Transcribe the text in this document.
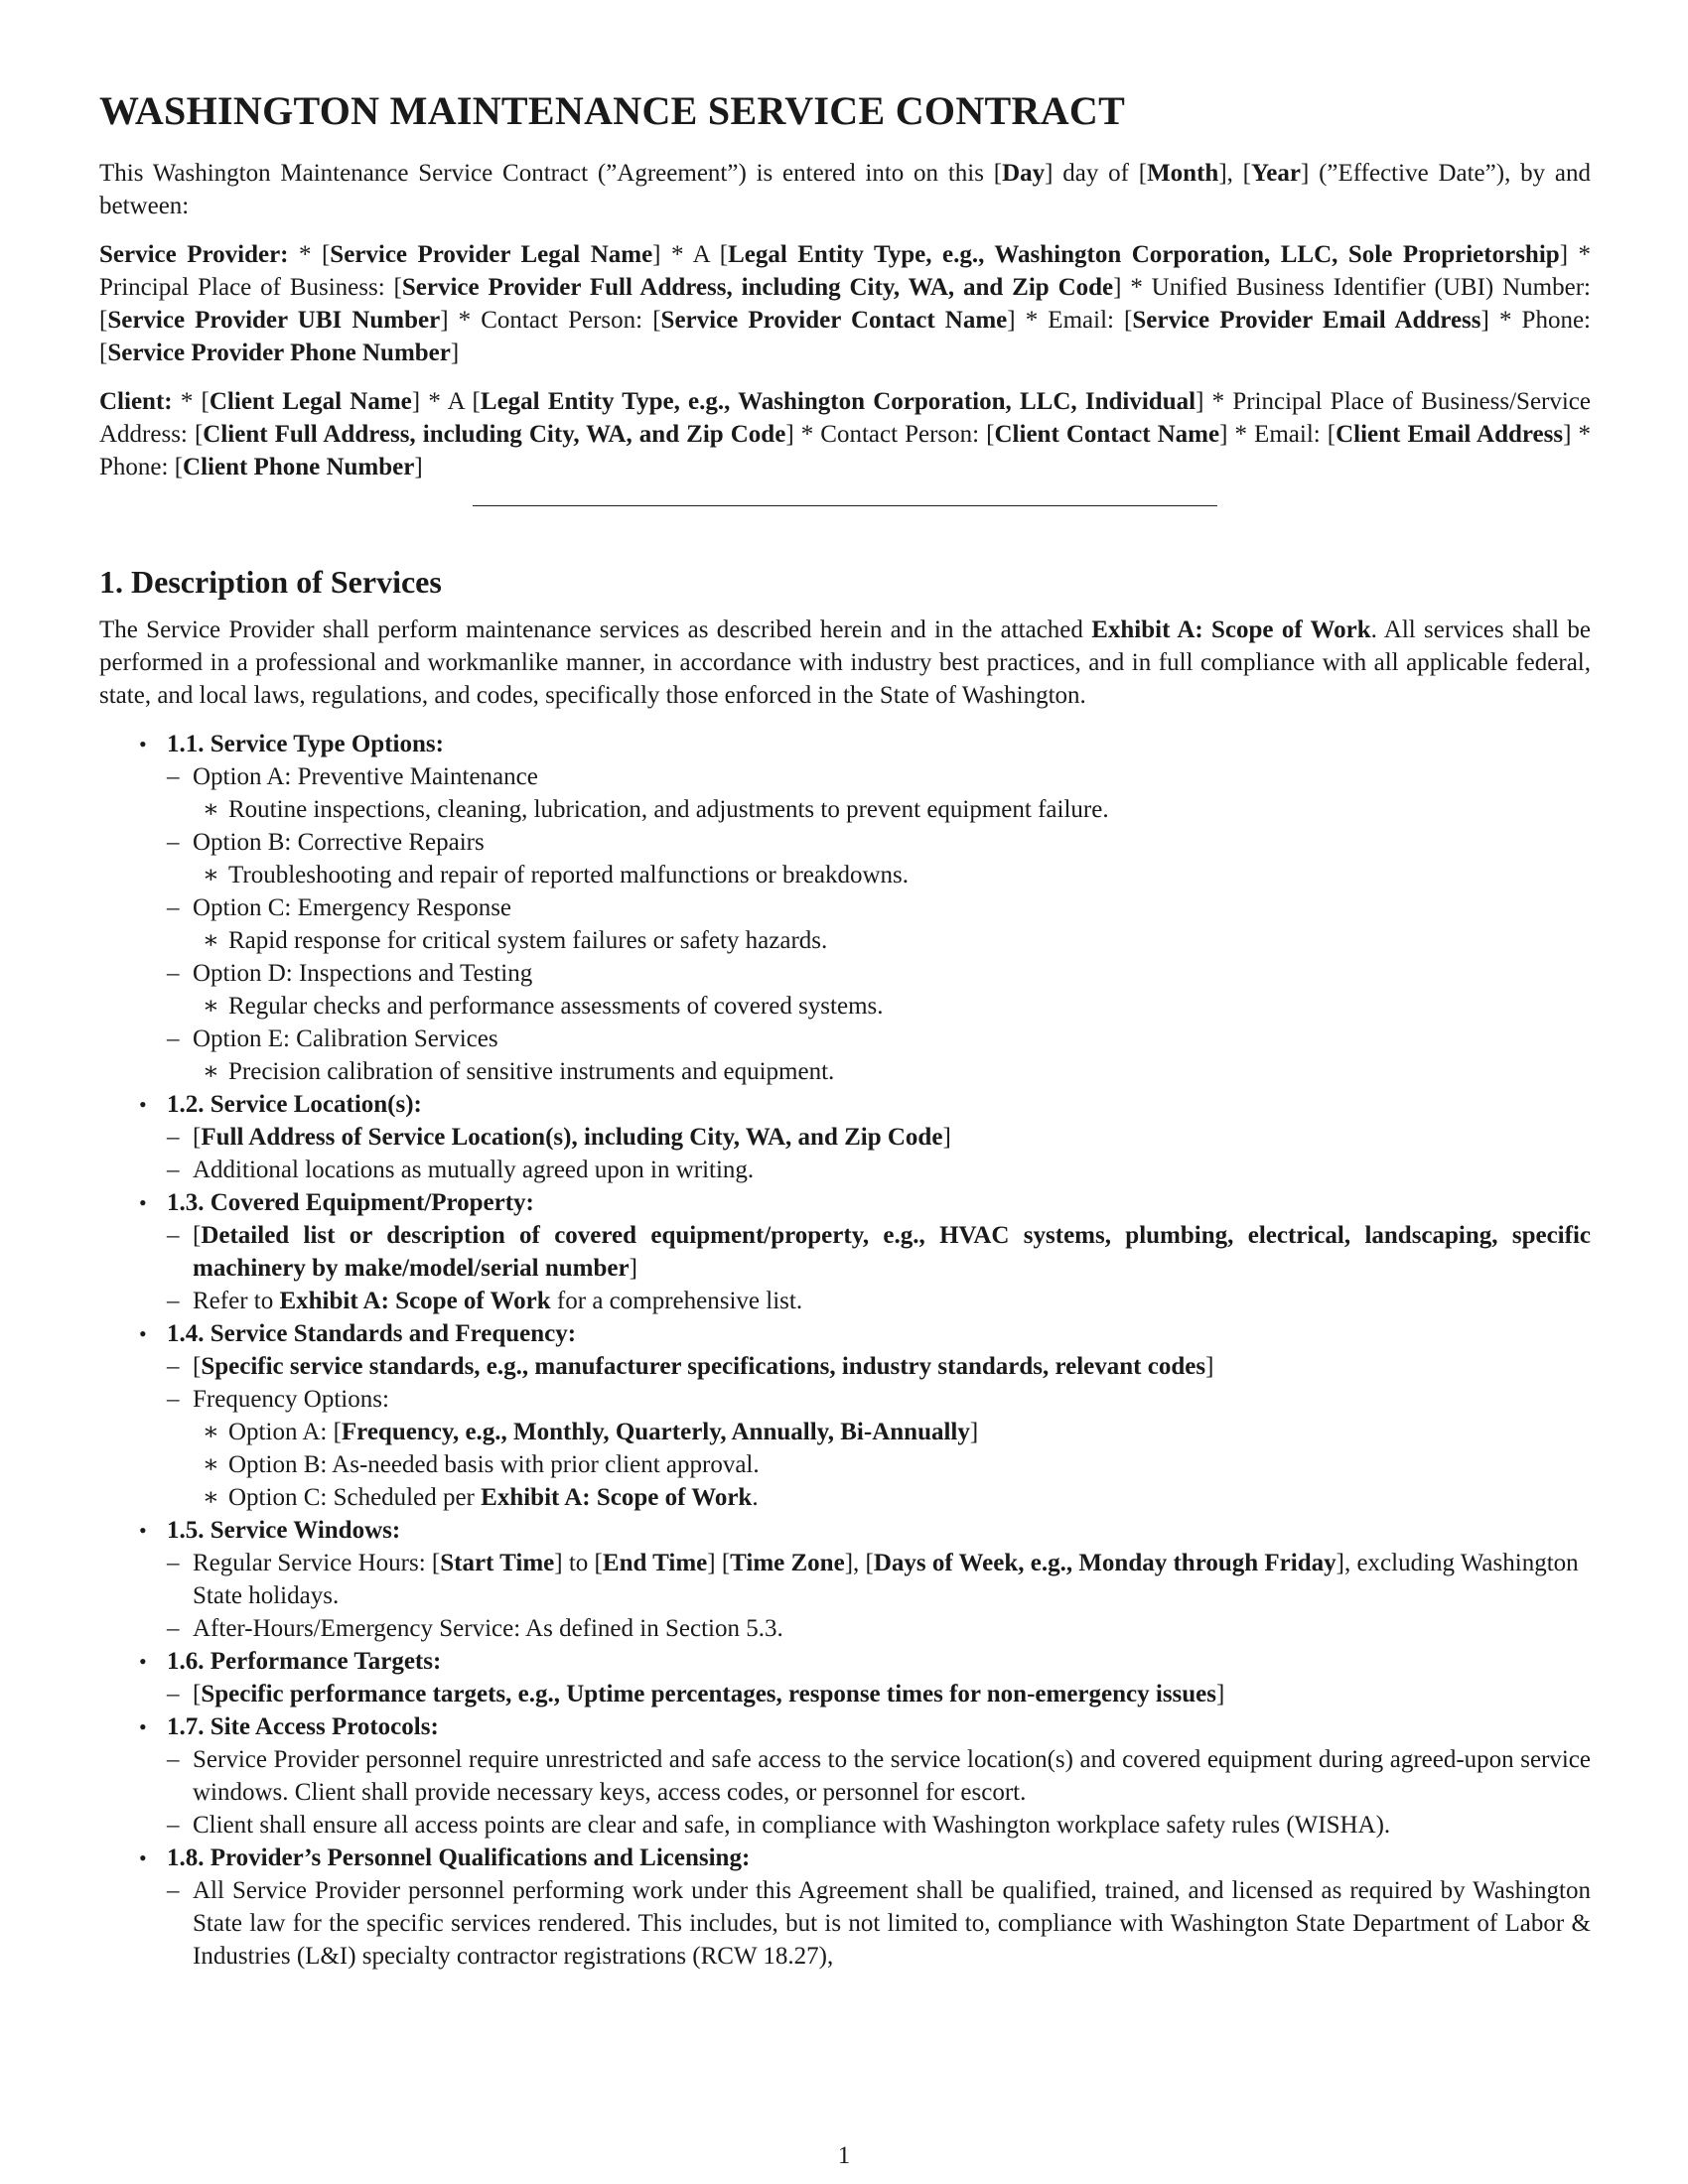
WASHINGTON MAINTENANCE SERVICE CONTRACT

This Washington Maintenance Service Contract (”Agreement”) is entered into on this [Day] day of [Month], [Year] (”Effective Date”), by and between:

Service Provider: * [Service Provider Legal Name] * A [Legal Entity Type, e.g., Washington Corporation, LLC, Sole Proprietorship] * Principal Place of Business: [Service Provider Full Address, including City, WA, and Zip Code] * Unified Business Identifier (UBI) Number: [Service Provider UBI Number] * Contact Person: [Service Provider Contact Name] * Email: [Service Provider Email Address] * Phone: [Service Provider Phone Number]

Client: * [Client Legal Name] * A [Legal Entity Type, e.g., Washington Corporation, LLC, Individual] * Principal Place of Business/Service Address: [Client Full Address, including City, WA, and Zip Code] * Contact Person: [Client Contact Name] * Email: [Client Email Address] * Phone: [Client Phone Number]

1. Description of Services

The Service Provider shall perform maintenance services as described herein and in the attached Exhibit A: Scope of Work. All services shall be performed in a professional and workmanlike manner, in accordance with industry best practices, and in full compliance with all applicable federal, state, and local laws, regulations, and codes, specifically those enforced in the State of Washington.

• 1.1. Service Type Options:
– Option A: Preventive Maintenance
∗ Routine inspections, cleaning, lubrication, and adjustments to prevent equipment failure.
– Option B: Corrective Repairs
∗ Troubleshooting and repair of reported malfunctions or breakdowns.
– Option C: Emergency Response
∗ Rapid response for critical system failures or safety hazards.
– Option D: Inspections and Testing
∗ Regular checks and performance assessments of covered systems.
– Option E: Calibration Services
∗ Precision calibration of sensitive instruments and equipment.
• 1.2. Service Location(s):
– [Full Address of Service Location(s), including City, WA, and Zip Code]
– Additional locations as mutually agreed upon in writing.
• 1.3. Covered Equipment/Property:
– [Detailed list or description of covered equipment/property, e.g., HVAC systems, plumbing, electrical, landscaping, specific machinery by make/model/serial number]
– Refer to Exhibit A: Scope of Work for a comprehensive list.
• 1.4. Service Standards and Frequency:
– [Specific service standards, e.g., manufacturer specifications, industry standards, relevant codes]
– Frequency Options:
∗ Option A: [Frequency, e.g., Monthly, Quarterly, Annually, Bi-Annually]
∗ Option B: As-needed basis with prior client approval.
∗ Option C: Scheduled per Exhibit A: Scope of Work.
• 1.5. Service Windows:
– Regular Service Hours: [Start Time] to [End Time] [Time Zone], [Days of Week, e.g., Monday through Friday], excluding Washington State holidays.
– After-Hours/Emergency Service: As defined in Section 5.3.
• 1.6. Performance Targets:
– [Specific performance targets, e.g., Uptime percentages, response times for non-emergency issues]
• 1.7. Site Access Protocols:
– Service Provider personnel require unrestricted and safe access to the service location(s) and covered equipment during agreed-upon service windows. Client shall provide necessary keys, access codes, or personnel for escort.
– Client shall ensure all access points are clear and safe, in compliance with Washington workplace safety rules (WISHA).
• 1.8. Provider’s Personnel Qualifications and Licensing:
– All Service Provider personnel performing work under this Agreement shall be qualified, trained, and licensed as required by Washington State law for the specific services rendered. This includes, but is not limited to, compliance with Washington State Department of Labor & Industries (L&I) specialty contractor registrations (RCW 18.27),
1
